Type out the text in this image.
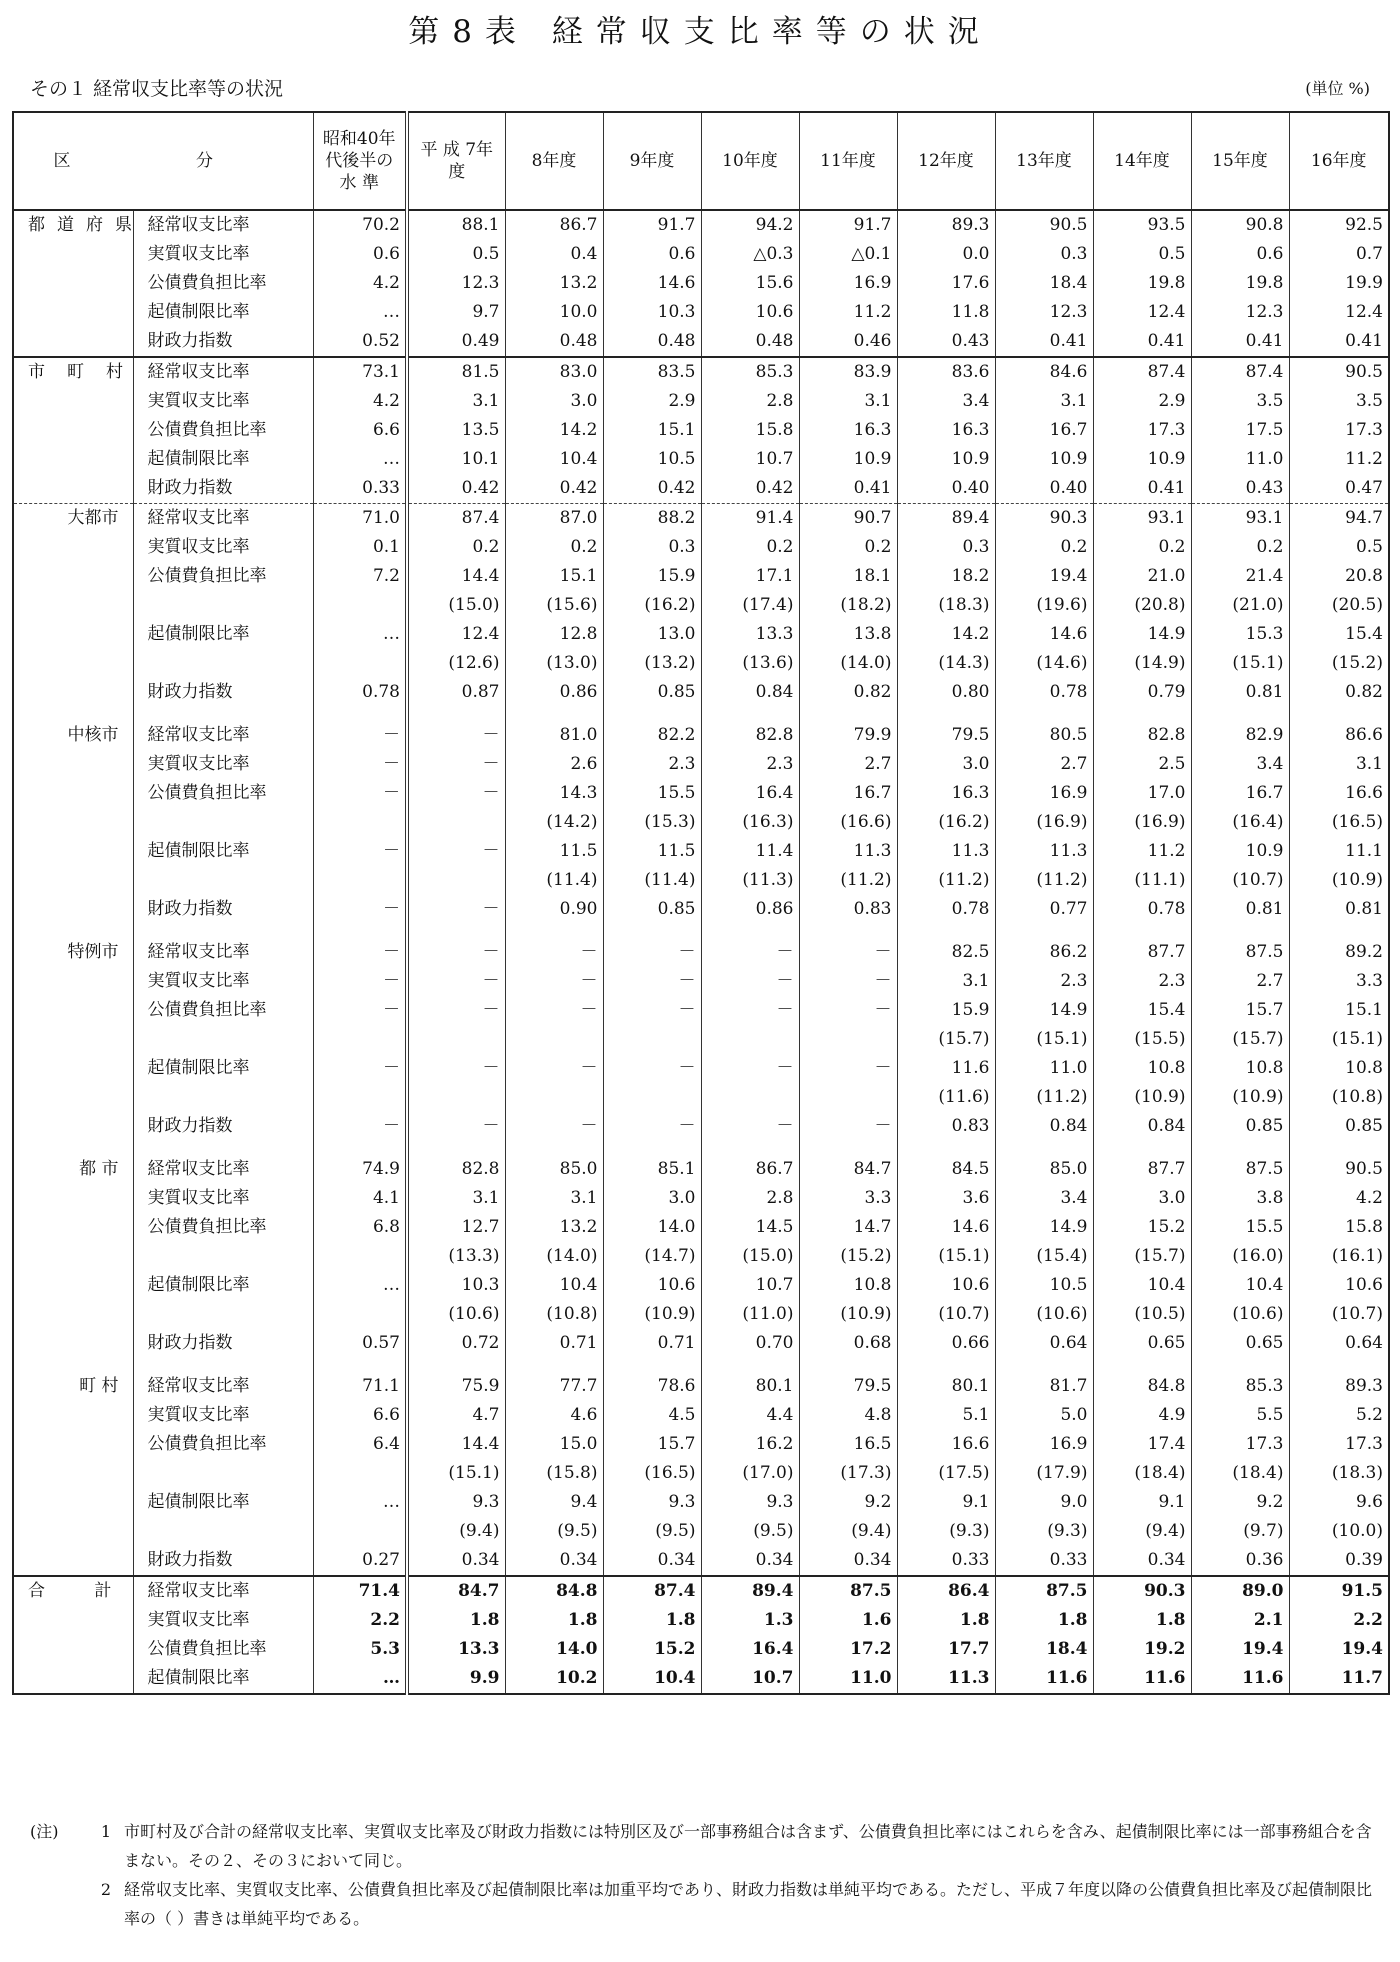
第8表 経常収支比率等の状況
その１ 経常収支比率等の状況	(単位 %)
区 分		昭和40年代後半の水 準	平 成 7年度	8年度	9年度	10年度	11年度	12年度	13年度	14年度	15年度	16年度
都道府県	経常収支比率	70.2	88.1	86.7	91.7	94.2	91.7	89.3	90.5	93.5	90.8	92.5
	実質収支比率	0.6	0.5	0.4	0.6	△0.3	△0.1	0.0	0.3	0.5	0.6	0.7
	公債費負担比率	4.2	12.3	13.2	14.6	15.6	16.9	17.6	18.4	19.8	19.8	19.9
	起債制限比率	…	9.7	10.0	10.3	10.6	11.2	11.8	12.3	12.4	12.3	12.4
	財政力指数	0.52	0.49	0.48	0.48	0.48	0.46	0.43	0.41	0.41	0.41	0.41
市町村	経常収支比率	73.1	81.5	83.0	83.5	85.3	83.9	83.6	84.6	87.4	87.4	90.5
	実質収支比率	4.2	3.1	3.0	2.9	2.8	3.1	3.4	3.1	2.9	3.5	3.5
	公債費負担比率	6.6	13.5	14.2	15.1	15.8	16.3	16.3	16.7	17.3	17.5	17.3
	起債制限比率	…	10.1	10.4	10.5	10.7	10.9	10.9	10.9	10.9	11.0	11.2
	財政力指数	0.33	0.42	0.42	0.42	0.42	0.41	0.40	0.40	0.41	0.43	0.47
大都市	経常収支比率	71.0	87.4	87.0	88.2	91.4	90.7	89.4	90.3	93.1	93.1	94.7
	実質収支比率	0.1	0.2	0.2	0.3	0.2	0.2	0.3	0.2	0.2	0.2	0.5
	公債費負担比率	7.2	14.4	15.1	15.9	17.1	18.1	18.2	19.4	21.0	21.4	20.8
			(15.0)	(15.6)	(16.2)	(17.4)	(18.2)	(18.3)	(19.6)	(20.8)	(21.0)	(20.5)
	起債制限比率	…	12.4	12.8	13.0	13.3	13.8	14.2	14.6	14.9	15.3	15.4
			(12.6)	(13.0)	(13.2)	(13.6)	(14.0)	(14.3)	(14.6)	(14.9)	(15.1)	(15.2)
	財政力指数	0.78	0.87	0.86	0.85	0.84	0.82	0.80	0.78	0.79	0.81	0.82

中核市	経常収支比率	－	－	81.0	82.2	82.8	79.9	79.5	80.5	82.8	82.9	86.6
	実質収支比率	－	－	2.6	2.3	2.3	2.7	3.0	2.7	2.5	3.4	3.1
	公債費負担比率	－	－	14.3	15.5	16.4	16.7	16.3	16.9	17.0	16.7	16.6
				(14.2)	(15.3)	(16.3)	(16.6)	(16.2)	(16.9)	(16.9)	(16.4)	(16.5)
	起債制限比率	－	－	11.5	11.5	11.4	11.3	11.3	11.3	11.2	10.9	11.1
				(11.4)	(11.4)	(11.3)	(11.2)	(11.2)	(11.2)	(11.1)	(10.7)	(10.9)
	財政力指数	－	－	0.90	0.85	0.86	0.83	0.78	0.77	0.78	0.81	0.81

特例市	経常収支比率	－	－	－	－	－	－	82.5	86.2	87.7	87.5	89.2
	実質収支比率	－	－	－	－	－	－	3.1	2.3	2.3	2.7	3.3
	公債費負担比率	－	－	－	－	－	－	15.9	14.9	15.4	15.7	15.1
								(15.7)	(15.1)	(15.5)	(15.7)	(15.1)
	起債制限比率	－	－	－	－	－	－	11.6	11.0	10.8	10.8	10.8
								(11.6)	(11.2)	(10.9)	(10.9)	(10.8)
	財政力指数	－	－	－	－	－	－	0.83	0.84	0.84	0.85	0.85

都 市	経常収支比率	74.9	82.8	85.0	85.1	86.7	84.7	84.5	85.0	87.7	87.5	90.5
	実質収支比率	4.1	3.1	3.1	3.0	2.8	3.3	3.6	3.4	3.0	3.8	4.2
	公債費負担比率	6.8	12.7	13.2	14.0	14.5	14.7	14.6	14.9	15.2	15.5	15.8
			(13.3)	(14.0)	(14.7)	(15.0)	(15.2)	(15.1)	(15.4)	(15.7)	(16.0)	(16.1)
	起債制限比率	…	10.3	10.4	10.6	10.7	10.8	10.6	10.5	10.4	10.4	10.6
			(10.6)	(10.8)	(10.9)	(11.0)	(10.9)	(10.7)	(10.6)	(10.5)	(10.6)	(10.7)
	財政力指数	0.57	0.72	0.71	0.71	0.70	0.68	0.66	0.64	0.65	0.65	0.64

町 村	経常収支比率	71.1	75.9	77.7	78.6	80.1	79.5	80.1	81.7	84.8	85.3	89.3
	実質収支比率	6.6	4.7	4.6	4.5	4.4	4.8	5.1	5.0	4.9	5.5	5.2
	公債費負担比率	6.4	14.4	15.0	15.7	16.2	16.5	16.6	16.9	17.4	17.3	17.3
			(15.1)	(15.8)	(16.5)	(17.0)	(17.3)	(17.5)	(17.9)	(18.4)	(18.4)	(18.3)
	起債制限比率	…	9.3	9.4	9.3	9.3	9.2	9.1	9.0	9.1	9.2	9.6
			(9.4)	(9.5)	(9.5)	(9.5)	(9.4)	(9.3)	(9.3)	(9.4)	(9.7)	(10.0)
	財政力指数	0.27	0.34	0.34	0.34	0.34	0.34	0.33	0.33	0.34	0.36	0.39
合 計	経常収支比率	71.4	84.7	84.8	87.4	89.4	87.5	86.4	87.5	90.3	89.0	91.5
	実質収支比率	2.2	1.8	1.8	1.8	1.3	1.6	1.8	1.8	1.8	2.1	2.2
	公債費負担比率	5.3	13.3	14.0	15.2	16.4	17.2	17.7	18.4	19.2	19.4	19.4
	起債制限比率	…	9.9	10.2	10.4	10.7	11.0	11.3	11.6	11.6	11.6	11.7
(注)	1 市町村及び合計の経常収支比率、実質収支比率及び財政力指数には特別区及び一部事務組合は含まず、公債費負担比率にはこれらを含み、起債制限比率には一部事務組合を含まない。その２、その３において同じ。
2 経常収支比率、実質収支比率、公債費負担比率及び起債制限比率は加重平均であり、財政力指数は単純平均である。ただし、平成７年度以降の公債費負担比率及び起債制限比率の（ ）書きは単純平均である。
